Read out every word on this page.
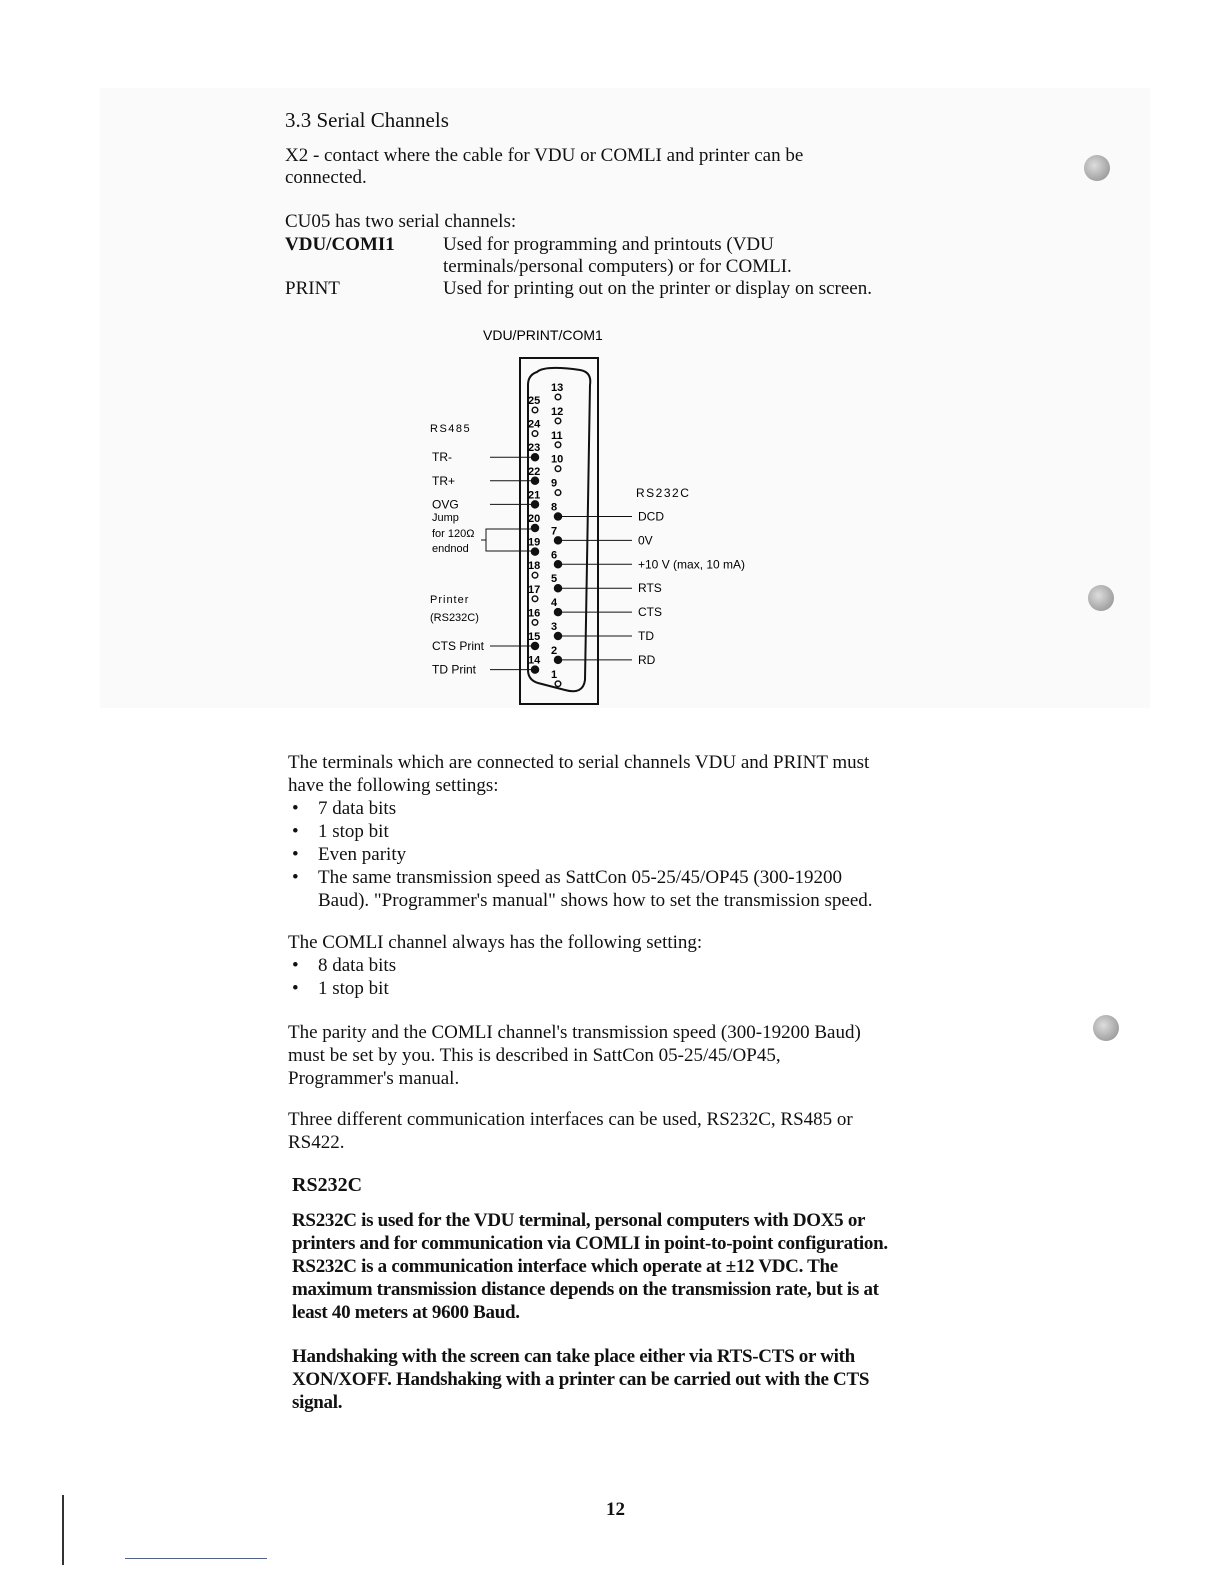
3.3 Serial Channels
X2 - contact where the cable for VDU or COMLI and printer can be
connected.
CU05 has two serial channels:
VDU/COMI1	Used for programming and printouts (VDU
terminals/personal computers) or for COMLI.
PRINT	Used for printing out on the printer or display on screen.
VDU/PRINT/COM1
RS485
RS232C
Printer
(RS232C)
Jump
for 120Ω
endnod
1
2
3
4
5
6
7
8
9
10
11
12
13
14
15
16
17
18
19
20
21
22
23
24
25
TR-
TR+
OVG
CTS Print
TD Print
DCD
0V
+10 V (max, 10 mA)
RTS
CTS
TD
RD
The terminals which are connected to serial channels VDU and PRINT must
have the following settings:
• 7 data bits
• 1 stop bit
• Even parity
• The same transmission speed as SattCon 05-25/45/OP45 (300-19200
Baud). "Programmer's manual" shows how to set the transmission speed.
The COMLI channel always has the following setting:
• 8 data bits
• 1 stop bit
The parity and the COMLI channel's transmission speed (300-19200 Baud)
must be set by you. This is described in SattCon 05-25/45/OP45,
Programmer's manual.
Three different communication interfaces can be used, RS232C, RS485 or
RS422.
RS232C
RS232C is used for the VDU terminal, personal computers with DOX5 or
printers and for communication via COMLI in point-to-point configuration.
RS232C is a communication interface which operate at ±12 VDC. The
maximum transmission distance depends on the transmission rate, but is at
least 40 meters at 9600 Baud.
Handshaking with the screen can take place either via RTS-CTS or with
XON/XOFF. Handshaking with a printer can be carried out with the CTS
signal.
12
